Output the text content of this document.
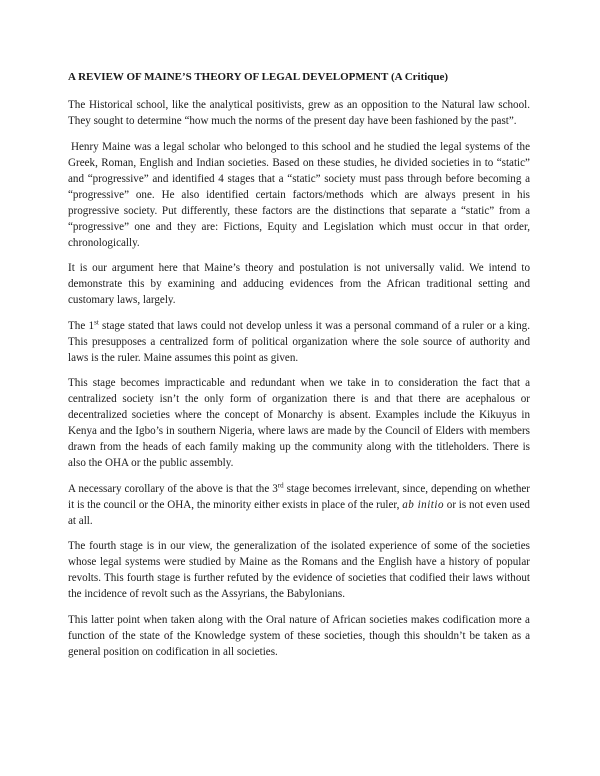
A REVIEW OF MAINE’S THEORY OF LEGAL DEVELOPMENT (A Critique)

The Historical school, like the analytical positivists, grew as an opposition to the Natural law school. They sought to determine “how much the norms of the present day have been fashioned by the past”.

Henry Maine was a legal scholar who belonged to this school and he studied the legal systems of the Greek, Roman, English and Indian societies. Based on these studies, he divided societies in to “static” and “progressive” and identified 4 stages that a “static” society must pass through before becoming a “progressive” one. He also identified certain factors/methods which are always present in his progressive society. Put differently, these factors are the distinctions that separate a “static” from a “progressive” one and they are: Fictions, Equity and Legislation which must occur in that order, chronologically.

It is our argument here that Maine’s theory and postulation is not universally valid. We intend to demonstrate this by examining and adducing evidences from the African traditional setting and customary laws, largely.

The 1st stage stated that laws could not develop unless it was a personal command of a ruler or a king. This presupposes a centralized form of political organization where the sole source of authority and laws is the ruler. Maine assumes this point as given.

This stage becomes impracticable and redundant when we take in to consideration the fact that a centralized society isn’t the only form of organization there is and that there are acephalous or decentralized societies where the concept of Monarchy is absent. Examples include the Kikuyus in Kenya and the Igbo’s in southern Nigeria, where laws are made by the Council of Elders with members drawn from the heads of each family making up the community along with the titleholders. There is also the OHA or the public assembly.

A necessary corollary of the above is that the 3rd stage becomes irrelevant, since, depending on whether it is the council or the OHA, the minority either exists in place of the ruler, ab initio or is not even used at all.

The fourth stage is in our view, the generalization of the isolated experience of some of the societies whose legal systems were studied by Maine as the Romans and the English have a history of popular revolts. This fourth stage is further refuted by the evidence of societies that codified their laws without the incidence of revolt such as the Assyrians, the Babylonians.

This latter point when taken along with the Oral nature of African societies makes codification more a function of the state of the Knowledge system of these societies, though this shouldn’t be taken as a general position on codification in all societies.
